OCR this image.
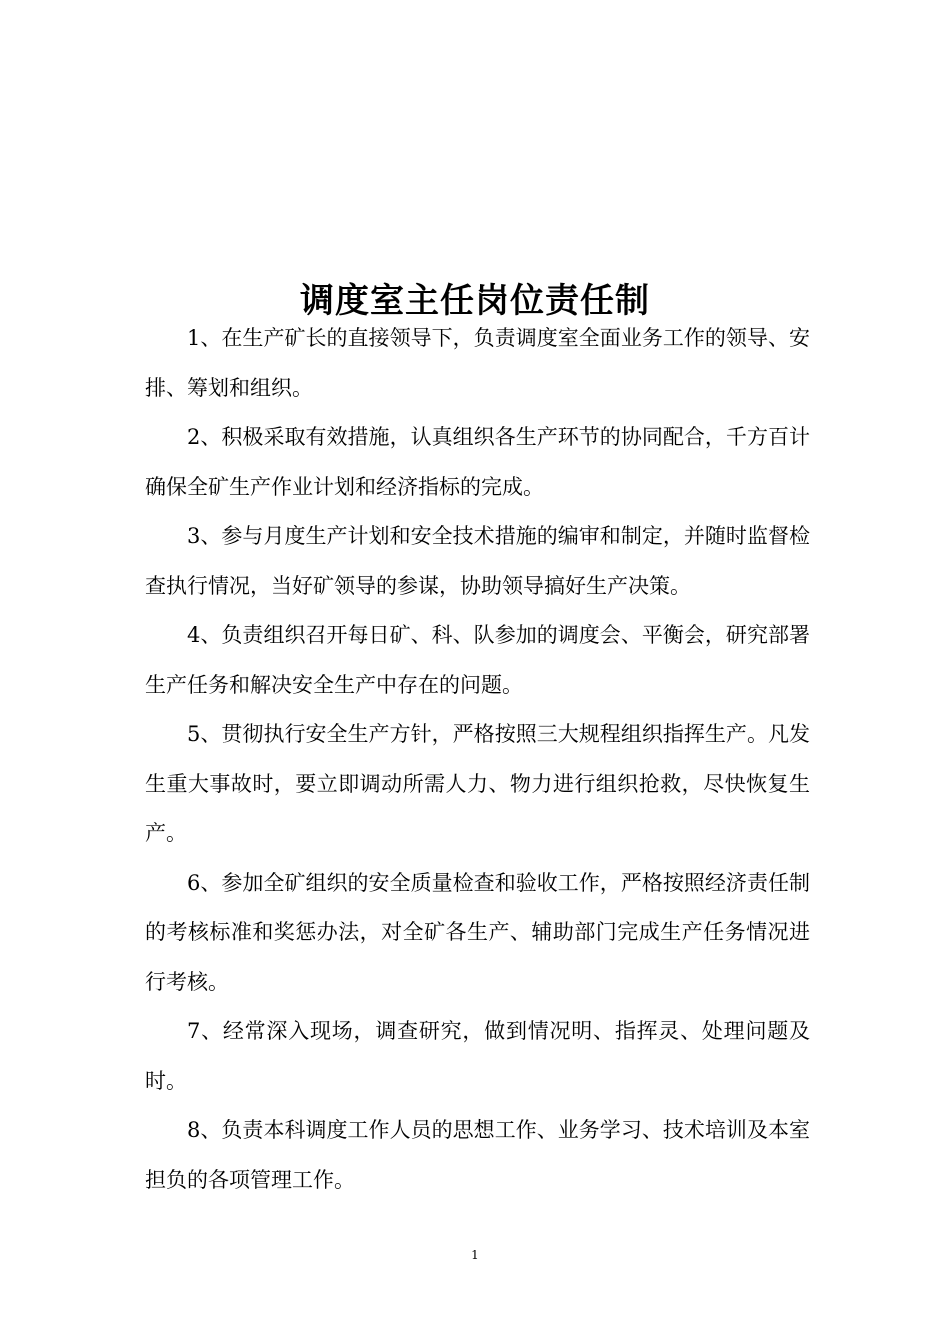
调度室主任岗位责任制

1、在生产矿长的直接领导下，负责调度室全面业务工作的领导、安排、筹划和组织。

2、积极采取有效措施，认真组织各生产环节的协同配合，千方百计确保全矿生产作业计划和经济指标的完成。

3、参与月度生产计划和安全技术措施的编审和制定，并随时监督检查执行情况，当好矿领导的参谋，协助领导搞好生产决策。

4、负责组织召开每日矿、科、队参加的调度会、平衡会，研究部署生产任务和解决安全生产中存在的问题。

5、贯彻执行安全生产方针，严格按照三大规程组织指挥生产。凡发生重大事故时，要立即调动所需人力、物力进行组织抢救，尽快恢复生产。

6、参加全矿组织的安全质量检查和验收工作，严格按照经济责任制的考核标准和奖惩办法，对全矿各生产、辅助部门完成生产任务情况进行考核。

7、经常深入现场，调查研究，做到情况明、指挥灵、处理问题及时。

8、负责本科调度工作人员的思想工作、业务学习、技术培训及本室担负的各项管理工作。

1
